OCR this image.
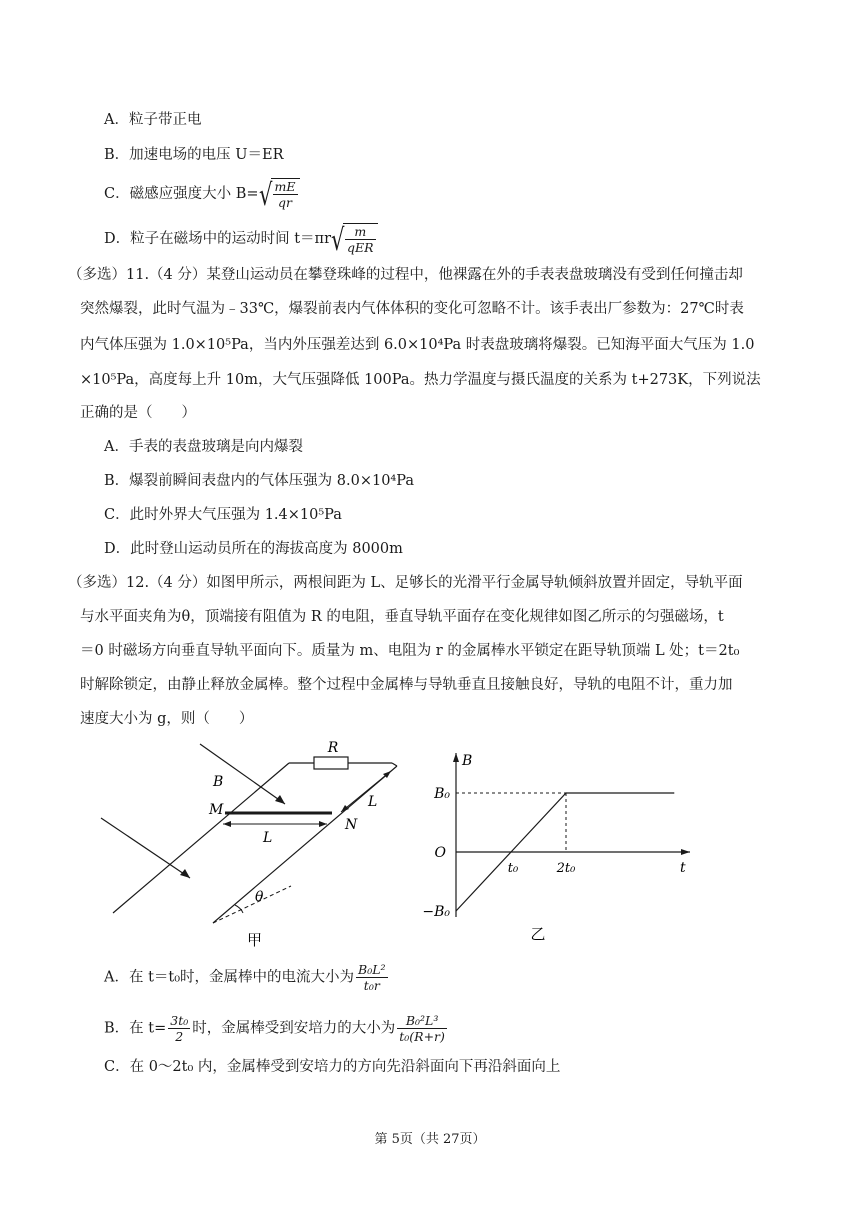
A．粒子带正电
B．加速电场的电压 U＝ER
C．磁感应强度大小 B= √ $\frac{mE}{qr}$
D．粒子在磁场中的运动时间 t＝πr √ $\frac{m}{\text{qER}}$
（多选）11.（4 分）某登山运动员在攀登珠峰的过程中，他裸露在外的手表表盘玻璃没有受到任何撞击却
突然爆裂，此时气温为﹣33℃，爆裂前表内气体体积的变化可忽略不计。该手表出厂参数为：27℃时表
内气体压强为 1.0×10⁵Pa，当内外压强差达到 6.0×10⁴Pa 时表盘玻璃将爆裂。已知海平面大气压为 1.0
×10⁵Pa，高度每上升 10m，大气压强降低 100Pa。热力学温度与摄氏温度的关系为 t+273K，下列说法
正确的是（　　）
A．手表的表盘玻璃是向内爆裂
B．爆裂前瞬间表盘内的气体压强为 8.0×10⁴Pa
C．此时外界大气压强为 1.4×10⁵Pa
D．此时登山运动员所在的海拔高度为 8000m
（多选）12.（4 分）如图甲所示，两根间距为 L、足够长的光滑平行金属导轨倾斜放置并固定，导轨平面
与水平面夹角为θ，顶端接有阻值为 R 的电阻，垂直导轨平面存在变化规律如图乙所示的匀强磁场，t
＝0 时磁场方向垂直导轨平面向下。质量为 m、电阻为 r 的金属棒水平锁定在距导轨顶端 L 处；t＝2t₀
时解除锁定，由静止释放金属棒。整个过程中金属棒与导轨垂直且接触良好，导轨的电阻不计，重力加
速度大小为 g，则（　　）
R
B
M
N
L
L
θ
甲
B
t
B₀
−B₀
O
t₀	2t₀
乙
A．在 t＝t₀时，金属棒中的电流大小为 $\frac{\text{B₀L²}}{\text{t₀r}}$
B．在 $t= \frac{\text{3t₀}}{2}$ 时，金属棒受到安培力的大小为 $\frac{\text{B₀²L³}}{\text{t₀(R+r)}}$
C．在 0～2t₀ 内，金属棒受到安培力的方向先沿斜面向下再沿斜面向上
第 5页（共 27页）
